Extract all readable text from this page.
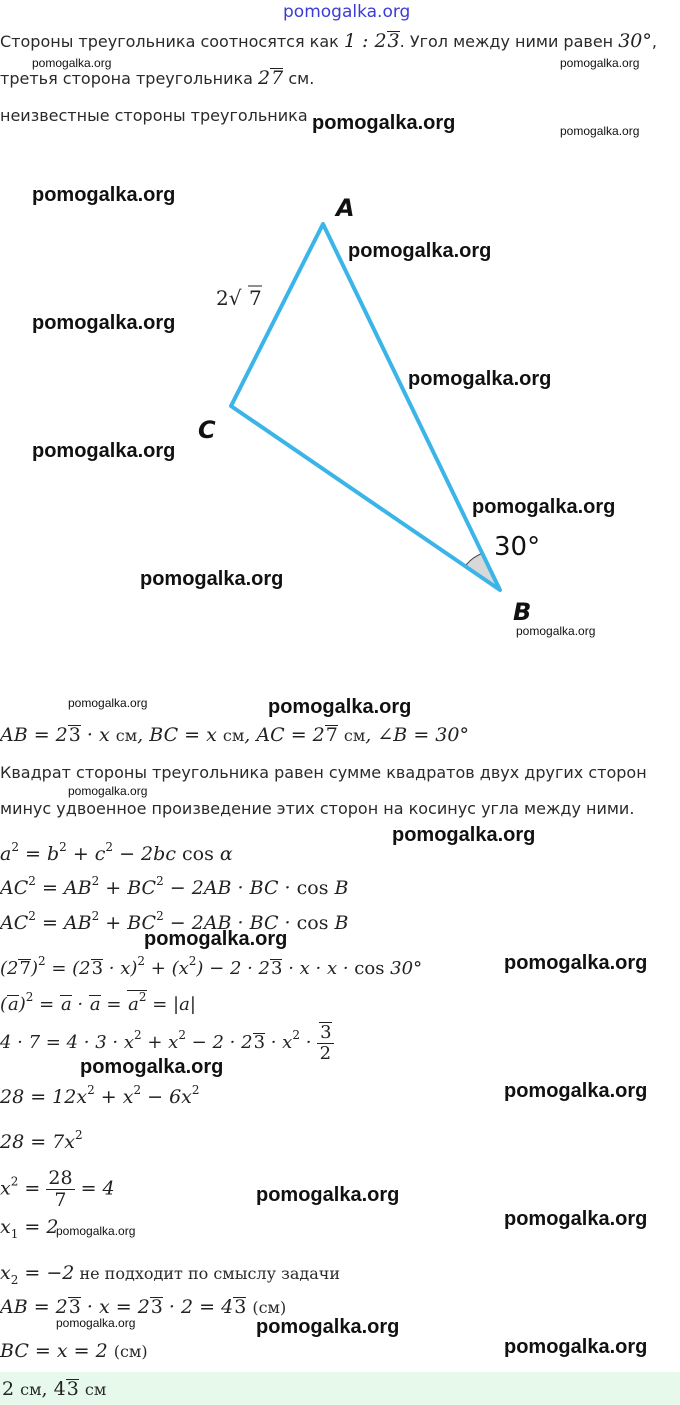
pomogalka.org
Стороны треугольника соотносятся как 1 : 23. Угол между ними равен 30°,
третья сторона треугольника 27 см.
неизвестные стороны треугольника
A
C
B
2√ 7
30°
AB = 23 · x см, BC = x см, AC = 27 см, ∠B = 30°
Квадрат стороны треугольника равен сумме квадратов двух других сторон
минус удвоенное произведение этих сторон на косинус угла между ними.
$a^2 = b^2 + c^2 - 2bc$ cos α
$AC^2 = AB^2 + BC^2 - 2AB$ · BC · cos B
$AC^2 = AB^2 + BC^2 - 2AB$ · BC · cos B
$(27)^2 = (23 \cdot x)^2 + (x^2) - 2 \cdot 23 \cdot x \cdot x \cdot \cos 30^\circ$
$(a)^2 = a \cdot a = a^2 = |a|$
$4 \cdot 7 = 4 \cdot 3 \cdot x^2 + x^2 - 2 \cdot 23 \cdot x^2 \cdot \frac{3}{2}$
$28 = 12x^2 + x^2 - 6x^2$
$28 = 7x^2$
$x^2 = \frac{28}{7} = 4$
$x_1 = 2$
$x_2 = -2$ не подходит по смыслу задачи
AB = 23 · x = 23 · 2 = 43 (см)
BC = x = 2 (см)
2 см, 43 см
pomogalka.org	pomogalka.org
pomogalka.org	pomogalka.org
pomogalka.org
pomogalka.org
pomogalka.org
pomogalka.org
pomogalka.org
pomogalka.org
pomogalka.org
pomogalka.org
pomogalka.org	pomogalka.org
pomogalka.org
pomogalka.org
pomogalka.org
pomogalka.org
pomogalka.org
pomogalka.org
pomogalka.org
pomogalka.org
pomogalka.org
pomogalka.org	pomogalka.org
pomogalka.org
